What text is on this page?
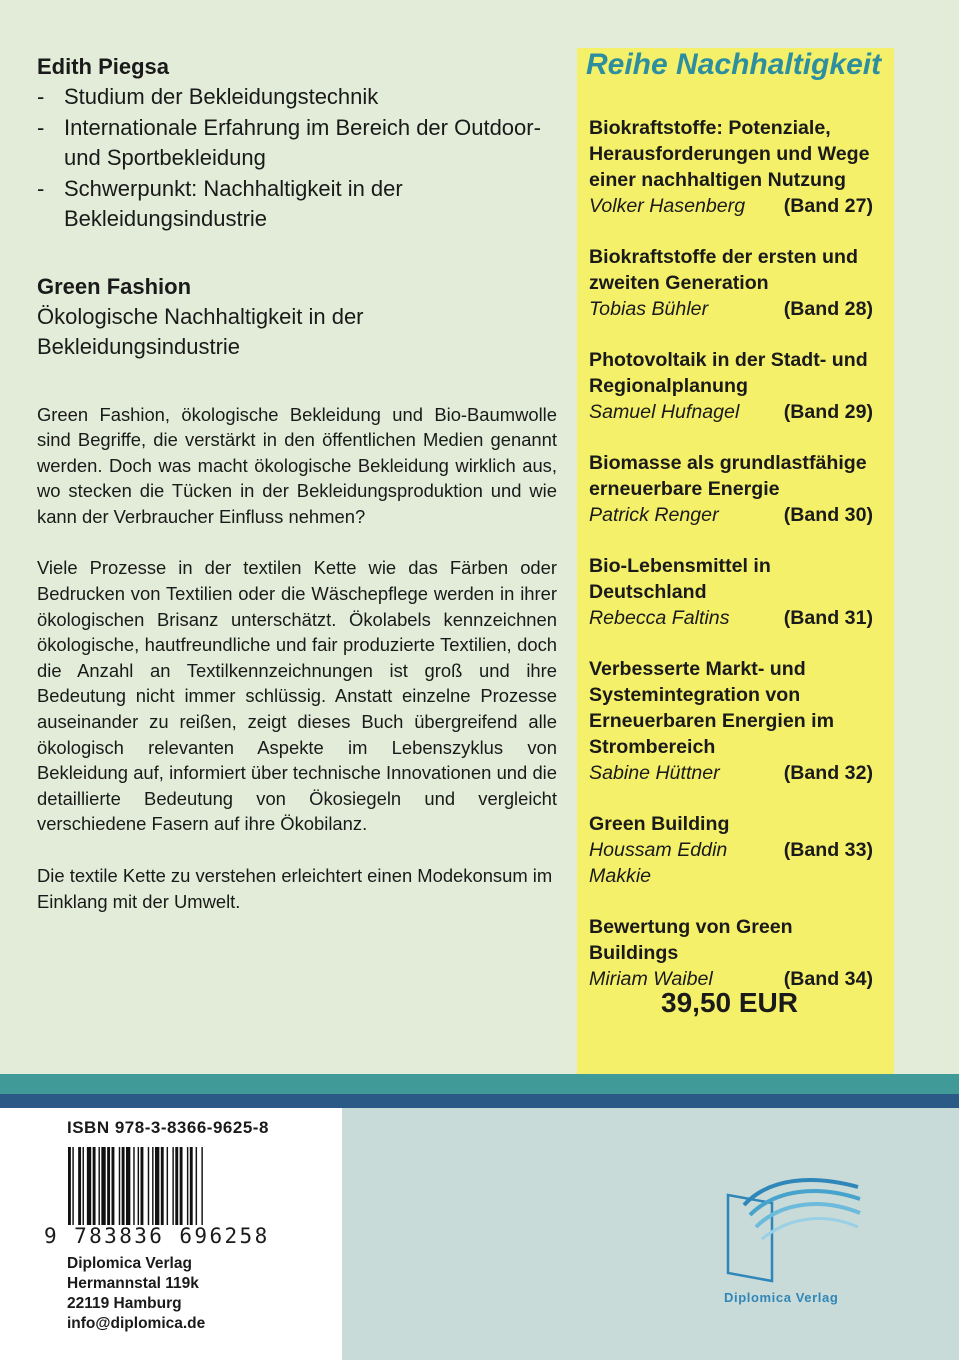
Edith Piegsa
- Studium der Bekleidungstechnik
- Internationale Erfahrung im Bereich der Outdoor- und Sportbekleidung
- Schwerpunkt: Nachhaltigkeit in der Bekleidungsindustrie
Green Fashion
Ökologische Nachhaltigkeit in der Bekleidungsindustrie

Green Fashion, ökologische Bekleidung und Bio-Baumwolle sind Begriffe, die verstärkt in den öffentlichen Medien genannt werden. Doch was macht ökologische Bekleidung wirklich aus, wo stecken die Tücken in der Bekleidungsproduktion und wie kann der Verbraucher Einfluss nehmen?

Viele Prozesse in der textilen Kette wie das Färben oder Bedrucken von Textilien oder die Wäschepflege werden in ihrer ökologischen Brisanz unterschätzt. Ökolabels kennzeichnen ökologische, hautfreundliche und fair produzierte Textilien, doch die Anzahl an Textilkennzeichnungen ist groß und ihre Bedeutung nicht immer schlüssig. Anstatt einzelne Prozesse auseinander zu reißen, zeigt dieses Buch übergreifend alle ökologisch relevanten Aspekte im Lebenszyklus von Bekleidung auf, informiert über technische Innovationen und die detaillierte Bedeutung von Ökosiegeln und vergleicht verschiedene Fasern auf ihre Ökobilanz.

Die textile Kette zu verstehen erleichtert einen Modekonsum im Einklang mit der Umwelt.

Reihe Nachhaltigkeit
Biokraftstoffe: Potenziale, Herausforderungen und Wege einer nachhaltigen Nutzung
Volker Hasenberg (Band 27)
Biokraftstoffe der ersten und zweiten Generation
Tobias Bühler	(Band 28)
Photovoltaik in der Stadt- und Regionalplanung
Samuel Hufnagel (Band 29)
Biomasse als grundlastfähige erneuerbare Energie
Patrick Renger	(Band 30)
Bio-Lebensmittel in Deutschland
Rebecca Faltins	(Band 31)
Verbesserte Markt- und Systemintegration von Erneuerbaren Energien im Strombereich
Sabine Hüttner	(Band 32)
Green Building
Houssam Eddin Makkie
(Band 33)
Bewertung von Green Buildings
Miriam Waibel	(Band 34)
39,50 EUR
ISBN 978-3-8366-9625-8
9 783836 696258
Diplomica Verlag
Hermannstal 119k
22119 Hamburg
info@diplomica.de
Diplomica Verlag
